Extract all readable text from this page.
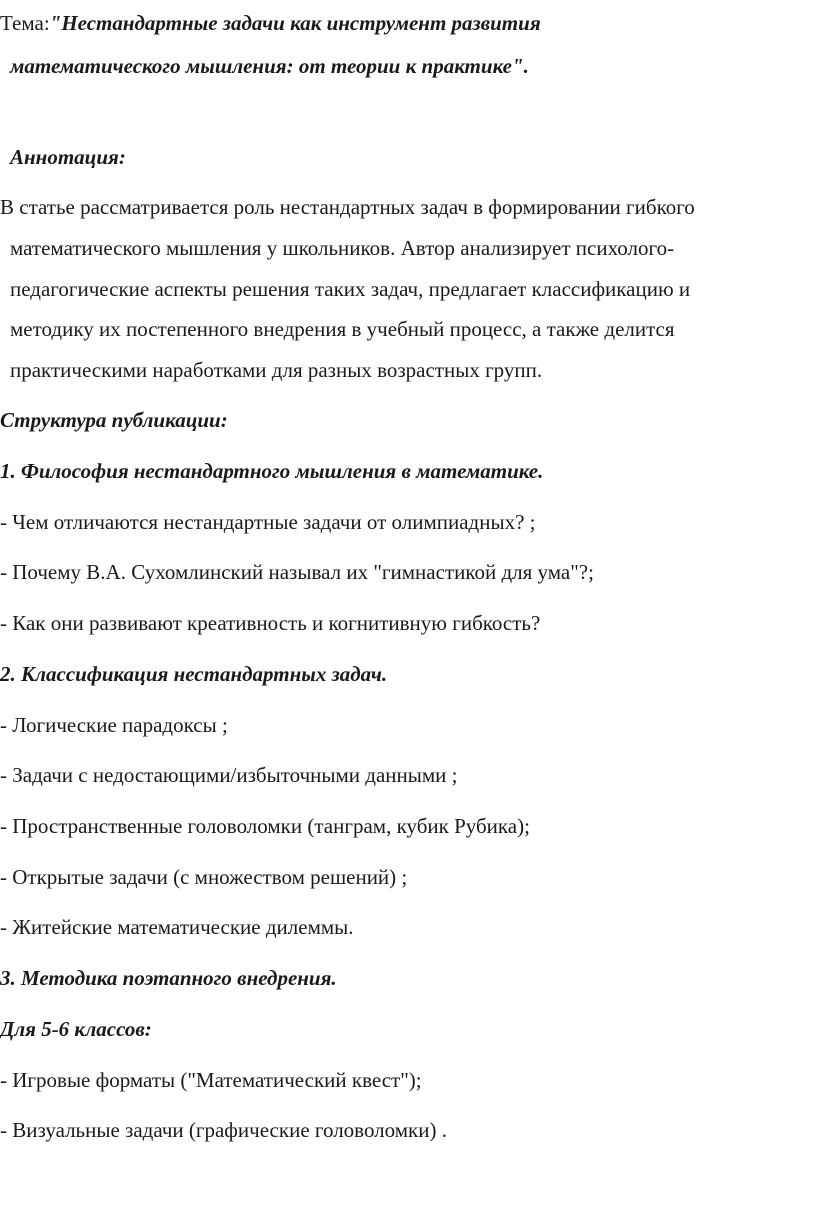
Тема:"Нестандартные задачи как инструмент развития
математического мышления: от теории к практике".
Аннотация:
В статье рассматривается роль нестандартных задач в формировании гибкого
математического мышления у школьников. Автор анализирует психолого-
педагогические аспекты решения таких задач, предлагает классификацию и
методику их постепенного внедрения в учебный процесс, а также делится
практическими наработками для разных возрастных групп.
Структура публикации:
1. Философия нестандартного мышления в математике.
- Чем отличаются нестандартные задачи от олимпиадных? ;
- Почему В.А. Сухомлинский называл их "гимнастикой для ума"?;
- Как они развивают креативность и когнитивную гибкость?
2. Классификация нестандартных задач.
- Логические парадоксы ;
- Задачи с недостающими/избыточными данными ;
- Пространственные головоломки (танграм, кубик Рубика);
- Открытые задачи (с множеством решений) ;
- Житейские математические дилеммы.
3. Методика поэтапного внедрения.
Для 5-6 классов:
- Игровые форматы ("Математический квест");
- Визуальные задачи (графические головоломки) .
